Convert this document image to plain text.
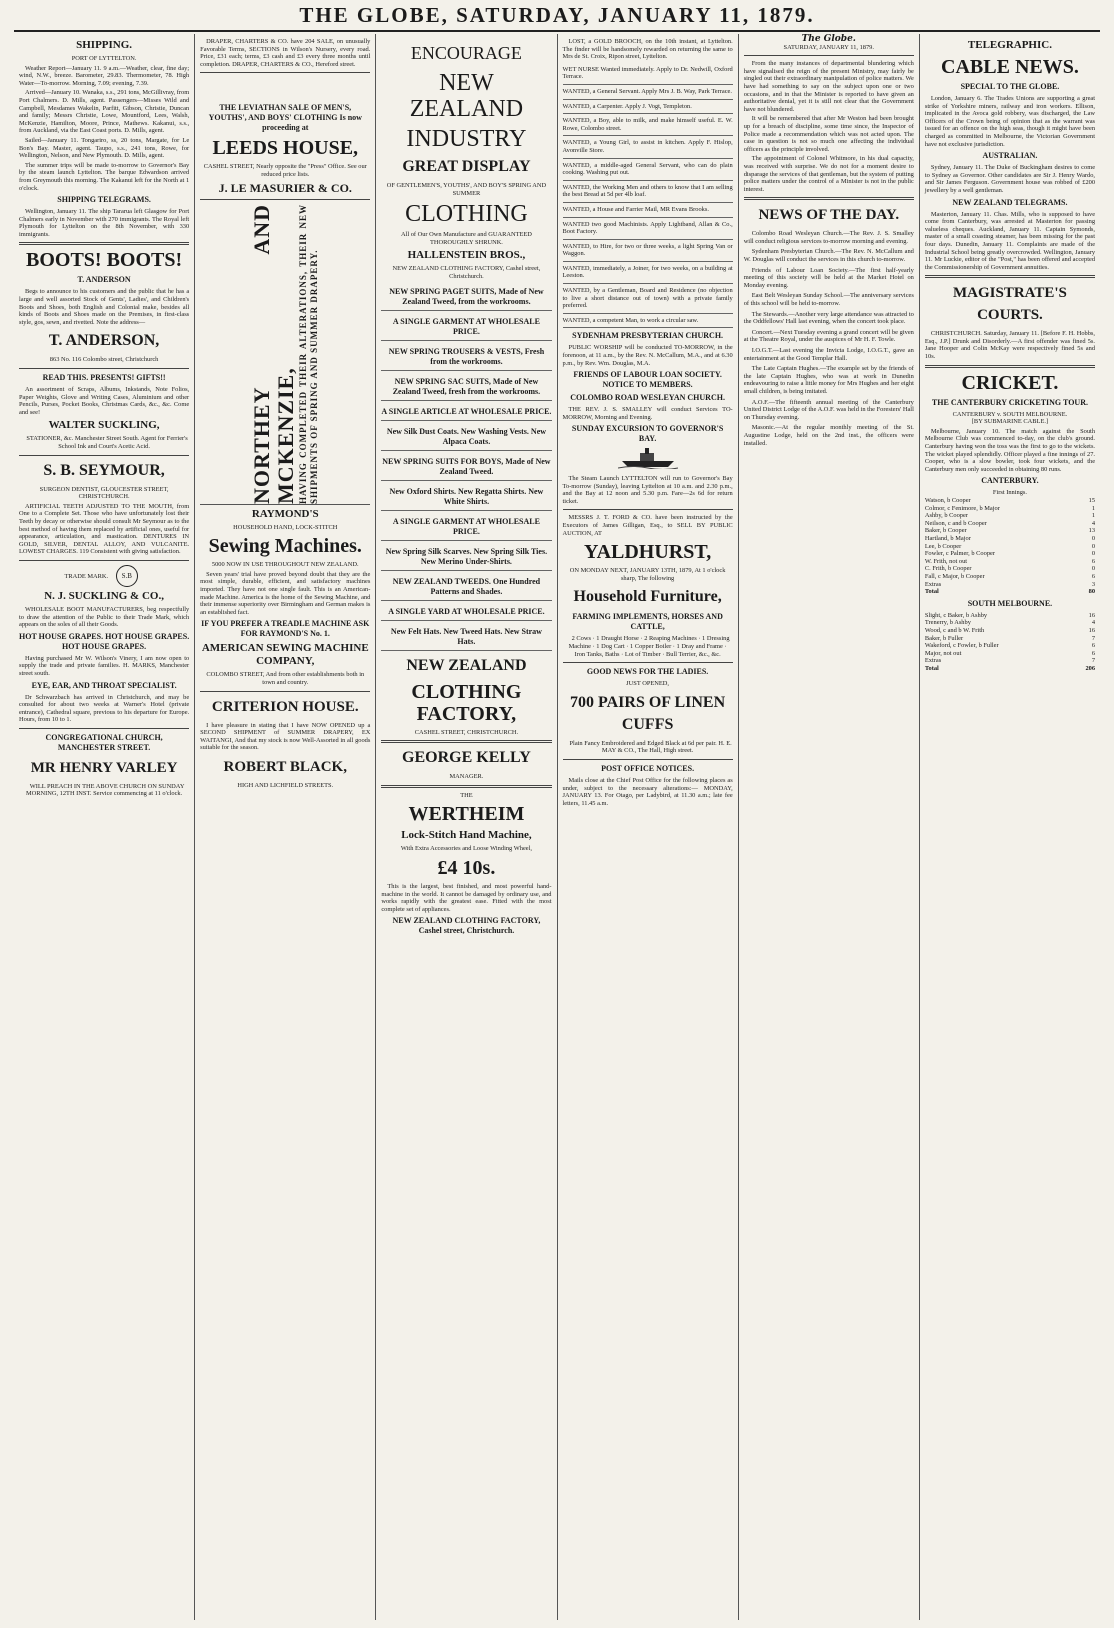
THE GLOBE, SATURDAY, JANUARY 11, 1879.
SHIPPING.
PORT OF LYTTELTON.

Weather Report—January 11. 9 a.m.—Weather, clear, fine day; wind, N.W., breeze. Barometer, 29.83. Thermometer, 78. High Water—To-morrow. Morning, 7.09; evening, 7.39.

Arrived—January 10. Wanaka, s.s., 291 tons, McGillivray, from Port Chalmers. D. Mills, agent. Passengers—Misses Wild and Campbell, Mesdames Wakelin, Parfitt, Gibson, Christie, Duncan and family; Messrs Christie, Lowe, Mountford, Lees, Walsh, McKenzie, Hamilton, Moore, Prince, Mathews. Kakanui, s.s., from Auckland, via the East Coast ports. D. Mills, agent.

Sailed—January 11. Tongariro, ss, 20 tons, Margate, for Le Bon's Bay. Master, agent. Taupo, s.s., 241 tons, Rowe, for Wellington, Nelson, and New Plymouth. D. Mills, agent.

The summer trips will be made to-morrow to Governor's Bay by the steam launch Lyttelton. The barque Edwardson arrived from Greymouth this morning. The Kakanui left for the North at 1 o'clock.

SHIPPING TELEGRAMS.

Wellington, January 11. The ship Tararua left Glasgow for Port Chalmers early in November with 270 immigrants. The Royal left Plymouth for Lyttelton on the 8th November, with 330 immigrants.

BOOTS! BOOTS!
T. ANDERSON

Begs to announce to his customers and the public that he has a large and well assorted Stock of Gents', Ladies', and Children's Boots and Shoes, both English and Colonial make, besides all kinds of Boots and Shoes made on the Premises, in first-class style, gos, sewn, and rivetted. Note the address—

T. ANDERSON,
863 No. 116 Colombo street, Christchurch
READ THIS. PRESENTS! GIFTS!!

An assortment of Scraps, Albums, Inkstands, Note Folios, Paper Weights, Glove and Writing Cases, Aluminium and other Pencils, Purses, Pocket Books, Christmas Cards, &c., &c. Come and see!

WALTER SUCKLING,

STATIONER, &c. Manchester Street South. Agent for Ferrier's School Ink and Court's Acetic Acid.

S. B. SEYMOUR,
SURGEON DENTIST, GLOUCESTER STREET, CHRISTCHURCH.

ARTIFICIAL TEETH ADJUSTED TO THE MOUTH, from One to a Complete Set. Those who have unfortunately lost their Teeth by decay or otherwise should consult Mr Seymour as to the best method of having them replaced by artificial ones, useful for appearance, articulation, and mastication. DENTURES IN GOLD, SILVER, DENTAL ALLOY, AND VULCANITE. LOWEST CHARGES. 119 Consistent with giving satisfaction.

TRADE MARK. S.B
N. J. SUCKLING & CO.,

WHOLESALE BOOT MANUFACTURERS, beg respectfully to draw the attention of the Public to their Trade Mark, which appears on the soles of all their Goods.

HOT HOUSE GRAPES. HOT HOUSE GRAPES. HOT HOUSE GRAPES.

Having purchased Mr W. Wilson's Vinery, I am now open to supply the trade and private families. H. MARKS, Manchester street south.

EYE, EAR, AND THROAT SPECIALIST.

Dr Schwarzbach has arrived in Christchurch, and may be consulted for about two weeks at Warner's Hotel (private entrance), Cathedral square, previous to his departure for Europe. Hours, from 10 to 1.

CONGREGATIONAL CHURCH, MANCHESTER STREET.
MR HENRY VARLEY

WILL PREACH IN THE ABOVE CHURCH ON SUNDAY MORNING, 12TH INST. Service commencing at 11 o'clock.

DRAPER, CHARTERS & CO. have 204 SALE, on unusually Favorable Terms, SECTIONS in Wilson's Nursery, every road. Price, £31 each; terms, £3 cash and £3 every three months until completion. DRAPER, CHARTERS & CO., Hereford street.

THE LEVIATHAN SALE OF MEN'S, YOUTHS', AND BOYS' CLOTHING Is now proceeding at
LEEDS HOUSE,
CASHEL STREET, Nearly opposite the "Press" Office. See our reduced price lists.
J. LE MASURIER & CO.
NORTHEY AND MCKENZIE, HAVING COMPLETED THEIR ALTERATIONS, THEIR NEW SHIPMENTS OF SPRING AND SUMMER DRAPERY.
RAYMOND'S
HOUSEHOLD HAND, LOCK-STITCH
Sewing Machines.
5000 NOW IN USE THROUGHOUT NEW ZEALAND.

Seven years' trial have proved beyond doubt that they are the most simple, durable, efficient, and satisfactory machines imported. They have not one single fault. This is an American-made Machine. America is the home of the Sewing Machine, and their immense superiority over Birmingham and German makes is an established fact.

IF YOU PREFER A TREADLE MACHINE ASK FOR RAYMOND'S No. 1.
AMERICAN SEWING MACHINE COMPANY,
COLOMBO STREET, And from other establishments both in town and country.
CRITERION HOUSE.

I have pleasure in stating that I have NOW OPENED up a SECOND SHIPMENT of SUMMER DRAPERY, EX WAITANGI, And that my stock is now Well-Assorted in all goods suitable for the season.

ROBERT BLACK,
HIGH AND LICHFIELD STREETS.
ENCOURAGE
NEW ZEALAND
INDUSTRY
GREAT DISPLAY
OF GENTLEMEN'S, YOUTHS', AND BOY'S SPRING AND SUMMER
CLOTHING
All of Our Own Manufacture and GUARANTEED THOROUGHLY SHRUNK.
HALLENSTEIN BROS.,
NEW ZEALAND CLOTHING FACTORY, Cashel street, Christchurch.
NEW SPRING PAGET SUITS, Made of New Zealand Tweed, from the workrooms.
A SINGLE GARMENT AT WHOLESALE PRICE.
NEW SPRING TROUSERS & VESTS, Fresh from the workrooms.
NEW SPRING SAC SUITS, Made of New Zealand Tweed, fresh from the workrooms.
A SINGLE ARTICLE AT WHOLESALE PRICE.
New Silk Dust Coats. New Washing Vests. New Alpaca Coats.
NEW SPRING SUITS FOR BOYS, Made of New Zealand Tweed.
New Oxford Shirts. New Regatta Shirts. New White Shirts.
A SINGLE GARMENT AT WHOLESALE PRICE.
New Spring Silk Scarves. New Spring Silk Ties. New Merino Under-Shirts.
NEW ZEALAND TWEEDS. One Hundred Patterns and Shades.
A SINGLE YARD AT WHOLESALE PRICE.
New Felt Hats. New Tweed Hats. New Straw Hats.
NEW ZEALAND
CLOTHING FACTORY,
CASHEL STREET, CHRISTCHURCH.
GEORGE KELLY
MANAGER.
THE
WERTHEIM
Lock-Stitch Hand Machine,
With Extra Accessories and Loose Winding Wheel,
£4 10s.

This is the largest, best finished, and most powerful hand-machine in the world. It cannot be damaged by ordinary use, and works rapidly with the greatest ease. Fitted with the most complete set of appliances.

NEW ZEALAND CLOTHING FACTORY, Cashel street, Christchurch.

LOST, a GOLD BROOCH, on the 10th instant, at Lyttelton. The finder will be handsomely rewarded on returning the same to Mrs de St. Croix, Ripon street, Lyttelton.

WET NURSE Wanted immediately. Apply to Dr. Nedwill, Oxford Terrace.
WANTED, a General Servant. Apply Mrs J. B. Way, Park Terrace.
WANTED, a Carpenter. Apply J. Vogt, Templeton.
WANTED, a Boy, able to milk, and make himself useful. E. W. Rowe, Colombo street.
WANTED, a Young Girl, to assist in kitchen. Apply F. Hislop, Avonville Store.
WANTED, a middle-aged General Servant, who can do plain cooking. Washing put out.
WANTED, the Working Men and others to know that I am selling the best Bread at 5d per 4lb loaf.
WANTED, a House and Farrier Mail, MR Evans Brooks.
WANTED two good Machinists. Apply Lightband, Allan & Co., Boot Factory.
WANTED, to Hire, for two or three weeks, a light Spring Van or Waggon.
WANTED, immediately, a Joiner, for two weeks, on a building at Leeston.
WANTED, by a Gentleman, Board and Residence (no objection to live a short distance out of town) with a private family preferred.
WANTED, a competent Man, to work a circular saw.
SYDENHAM PRESBYTERIAN CHURCH.

PUBLIC WORSHIP will be conducted TO-MORROW, in the forenoon, at 11 a.m., by the Rev. N. McCallum, M.A., and at 6.30 p.m., by Rev. Wm. Douglas, M.A.

FRIENDS OF LABOUR LOAN SOCIETY. NOTICE TO MEMBERS.
COLOMBO ROAD WESLEYAN CHURCH.

THE REV. J. S. SMALLEY will conduct Services TO-MORROW, Morning and Evening.

SUNDAY EXCURSION TO GOVERNOR'S BAY.

The Steam Launch LYTTELTON will run to Governor's Bay To-morrow (Sunday), leaving Lyttelton at 10 a.m. and 2.30 p.m., and the Bay at 12 noon and 5.30 p.m. Fare—2s 6d for return ticket.

MESSRS J. T. FORD & CO. have been instructed by the Executors of James Gilligan, Esq., to SELL BY PUBLIC AUCTION, AT

YALDHURST,
ON MONDAY NEXT, JANUARY 13TH, 1879, At 1 o'clock sharp, The following
Household Furniture,
FARMING IMPLEMENTS, HORSES AND CATTLE,

2 Cows · 1 Draught Horse · 2 Reaping Machines · 1 Dressing Machine · 1 Dog Cart · 1 Copper Boiler · 1 Dray and Frame · Iron Tanks, Baths · Lot of Timber · Bull Terrier, &c., &c.

GOOD NEWS FOR THE LADIES.
JUST OPENED,
700 PAIRS OF LINEN CUFFS

Plain Fancy Embroidered and Edged Black at 6d per pair. H. E. MAY & CO., The Hall, High street.

POST OFFICE NOTICES.

Mails close at the Chief Post Office for the following places as under, subject to the necessary alterations:— MONDAY, JANUARY 13. For Otago, per Ladybird, at 11.30 a.m.; late fee letters, 11.45 a.m.

The Globe.
SATURDAY, JANUARY 11, 1879.
From the many instances of departmental blundering which have signalised the reign of the present Ministry, may fairly be singled out their extraordinary manipulation of police matters. We have had something to say on the subject upon one or two occasions, and in that the Minister is reported to have given an authoritative denial, yet it is still not clear that the Government have not blundered.
It will be remembered that after Mr Weston had been brought up for a breach of discipline, some time since, the Inspector of Police made a recommendation which was not acted upon. The case in question is not so much one affecting the individual officers as the principle involved.
The appointment of Colonel Whitmore, in his dual capacity, was received with surprise. We do not for a moment desire to disparage the services of that gentleman, but the system of putting police matters under the control of a Minister is not in the public interest.
NEWS OF THE DAY.
Colombo Road Wesleyan Church.—The Rev. J. S. Smalley will conduct religious services to-morrow morning and evening.
Sydenham Presbyterian Church.—The Rev. N. McCallum and W. Douglas will conduct the services in this church to-morrow.
Friends of Labour Loan Society.—The first half-yearly meeting of this society will be held at the Market Hotel on Monday evening.
East Belt Wesleyan Sunday School.—The anniversary services of this school will be held to-morrow.
The Stewards.—Another very large attendance was attracted to the Oddfellows' Hall last evening, when the concert took place.
Concert.—Next Tuesday evening a grand concert will be given at the Theatre Royal, under the auspices of Mr H. F. Towle.
I.O.G.T.—Last evening the Invicta Lodge, I.O.G.T., gave an entertainment at the Good Templar Hall.
The Late Captain Hughes.—The example set by the friends of the late Captain Hughes, who was at work in Dunedin endeavouring to raise a little money for Mrs Hughes and her eight small children, is being imitated.
A.O.F.—The fifteenth annual meeting of the Canterbury United District Lodge of the A.O.F. was held in the Foresters' Hall on Thursday evening.
Masonic.—At the regular monthly meeting of the St. Augustine Lodge, held on the 2nd inst., the officers were installed.
TELEGRAPHIC.
CABLE NEWS.
SPECIAL TO THE GLOBE.

London, January 6. The Trades Unions are supporting a great strike of Yorkshire miners, railway and iron workers. Ellison, implicated in the Avoca gold robbery, was discharged, the Law Officers of the Crown being of opinion that as the warrant was issued for an offence on the high seas, though it might have been charged as committed in Melbourne, the Victorian Government have not exclusive jurisdiction.

AUSTRALIAN.

Sydney, January 11. The Duke of Buckingham desires to come to Sydney as Governor. Other candidates are Sir J. Henry Wardo, and Sir James Ferguson. Government house was robbed of £200 jewellery by a well gentleman.

NEW ZEALAND TELEGRAMS.

Masterton, January 11. Chas. Mills, who is supposed to have come from Canterbury, was arrested at Masterton for passing valueless cheques. Auckland, January 11. Captain Symonds, master of a small coasting steamer, has been missing for the past four days. Dunedin, January 11. Complaints are made of the Industrial School being greatly overcrowded. Wellington, January 11. Mr Luckie, editor of the "Post," has been offered and accepted the Commissionership of Government annuities.

MAGISTRATE'S COURTS.

CHRISTCHURCH. Saturday, January 11. [Before F. H. Hobbs, Esq., J.P.] Drunk and Disorderly.—A first offender was fined 5s. Jane Hooper and Colin McKay were respectively fined 5s and 10s.

CRICKET.
THE CANTERBURY CRICKETING TOUR.
CANTERBURY v. SOUTH MELBOURNE.
[BY SUBMARINE CABLE.]

Melbourne, January 10. The match against the South Melbourne Club was commenced to-day, on the club's ground. Canterbury having won the toss was the first to go to the wickets. The wicket played splendidly. Officer played a fine innings of 27. Cooper, who is a slow bowler, took four wickets, and the Canterbury men only succeeded in obtaining 80 runs.

CANTERBURY.
First Innings.
Watson, b Cooper	15
Colmor, c Fenimore, b Major	1
Ashby, b Cooper	1
Neilson, c and b Cooper	4
Baker, b Cooper	13
Hartland, b Major	0
Lee, b Cooper	0
Fowler, c Palmer, b Cooper	0
W. Frith, not out	6
C. Frith, b Cooper	0
Fall, c Major, b Cooper	6
Extras	3
Total	80
SOUTH MELBOURNE.
Slight, c Baker, b Ashby	16
Trenerry, b Ashby	4
Wood, c and b W. Frith	16
Baker, b Fuller	7
Wakeford, c Fowler, b Fuller	6
Major, not out	6
Extras	7
Total	206
